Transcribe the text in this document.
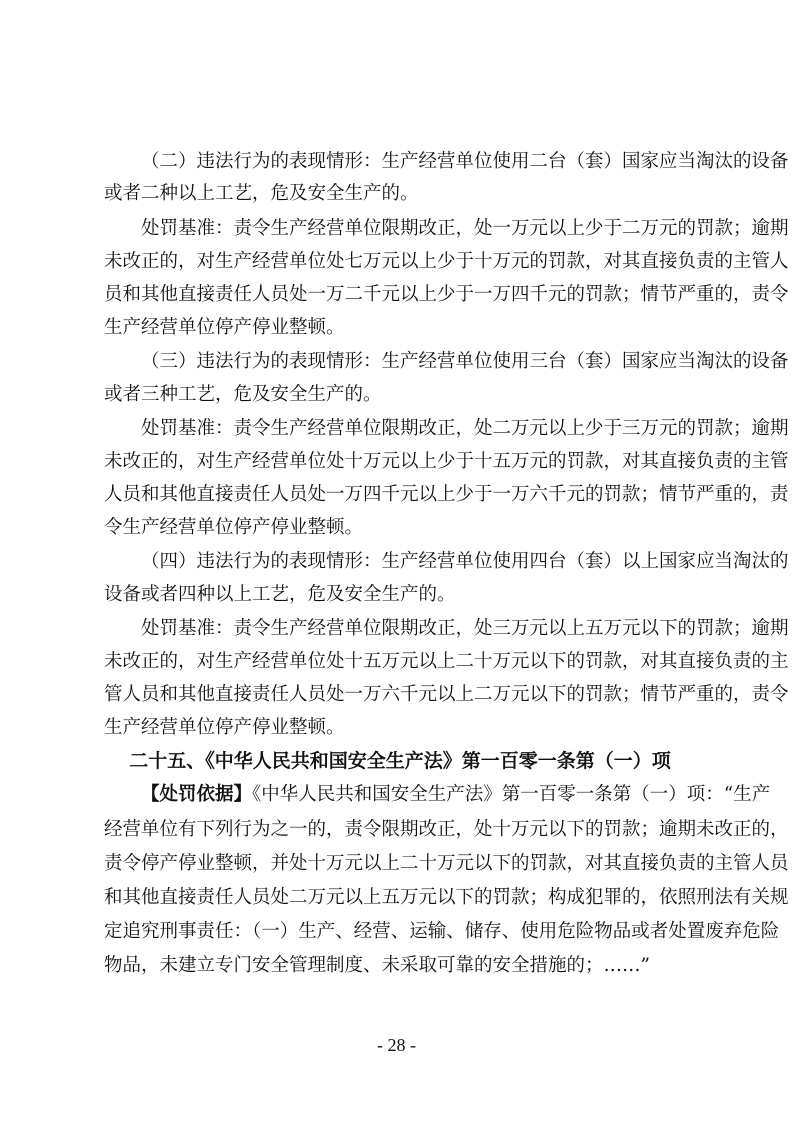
（二）违法行为的表现情形：生产经营单位使用二台（套）国家应当淘汰的设备
或者二种以上工艺，危及安全生产的。
处罚基准：责令生产经营单位限期改正，处一万元以上少于二万元的罚款；逾期
未改正的，对生产经营单位处七万元以上少于十万元的罚款，对其直接负责的主管人
员和其他直接责任人员处一万二千元以上少于一万四千元的罚款；情节严重的，责令
生产经营单位停产停业整顿。
（三）违法行为的表现情形：生产经营单位使用三台（套）国家应当淘汰的设备
或者三种工艺，危及安全生产的。
处罚基准：责令生产经营单位限期改正，处二万元以上少于三万元的罚款；逾期
未改正的，对生产经营单位处十万元以上少于十五万元的罚款，对其直接负责的主管
人员和其他直接责任人员处一万四千元以上少于一万六千元的罚款；情节严重的，责
令生产经营单位停产停业整顿。
（四）违法行为的表现情形：生产经营单位使用四台（套）以上国家应当淘汰的
设备或者四种以上工艺，危及安全生产的。
处罚基准：责令生产经营单位限期改正，处三万元以上五万元以下的罚款；逾期
未改正的，对生产经营单位处十五万元以上二十万元以下的罚款，对其直接负责的主
管人员和其他直接责任人员处一万六千元以上二万元以下的罚款；情节严重的，责令
生产经营单位停产停业整顿。
二十五、《中华人民共和国安全生产法》第一百零一条第（一）项
【处罚依据】《中华人民共和国安全生产法》第一百零一条第（一）项：“生产
经营单位有下列行为之一的，责令限期改正，处十万元以下的罚款；逾期未改正的，
责令停产停业整顿，并处十万元以上二十万元以下的罚款，对其直接负责的主管人员
和其他直接责任人员处二万元以上五万元以下的罚款；构成犯罪的，依照刑法有关规
定追究刑事责任：（一）生产、经营、运输、储存、使用危险物品或者处置废弃危险
物品，未建立专门安全管理制度、未采取可靠的安全措施的；……”
- 28 -
